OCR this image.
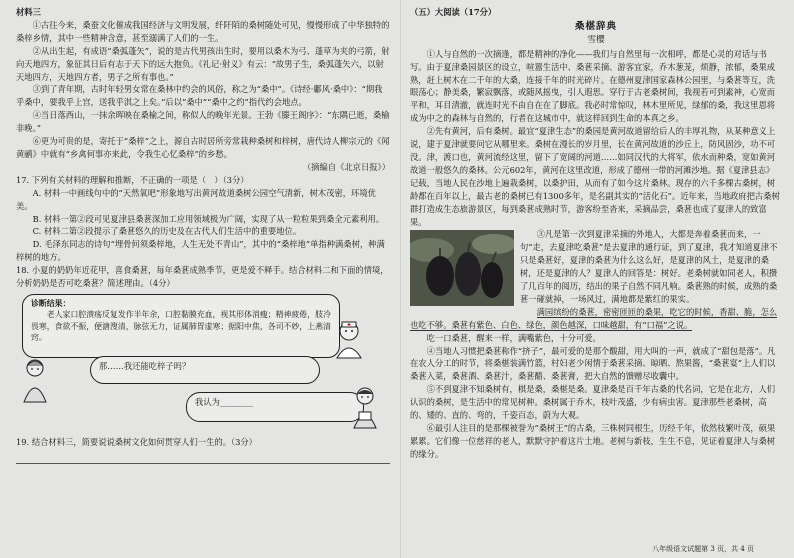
材料三

①古往今来，桑蚕文化催成我国经济与文明发展，纤阡陌的桑树随处可见，慢慢形成了中华独特的桑梓乡情，其中一些精神含意，甚至溺满了人们的一生。

②从出生起，有成语“桑弧蓬矢”，说的是古代男孩出生时，要用以桑木为弓、蓬草为夹的弓箭，射向天地四方，象征其日后有志于天下的远大抱负。《礼记·射义》有云：“故男子生，桑弧蓬矢六，以射天地四方，天地四方者，男子之所有事也。”

③到了青年期，古时年轻男女常在桑林中约会的风俗，称之为“桑中”。《诗经·鄘风·桑中》：“期我乎桑中，要我乎上宫，送我乎淇之上矣。”后以“桑中”“桑中之约”指代约会地点。

④当日落西山，一抹余晖映在桑榆之间，称似人的晚年光景。王勃《滕王阁序》：“东隅已逝，桑榆非晚。”

⑥更为可贵的是，寄托于“桑梓”之上，源自古时居所旁常栽种桑树和梓树，唐代诗人柳宗元的《闻黄鹂》中就有“乡禽何事亦来此，令我生心忆桑梓”的乡愁。

（摘编自《北京日报》）

17. 下列有关材料的理解和推断，不正确的一项是（　）（3分）

A. 材料一中画线句中的“天然氧吧”形象地写出黄河故道桑树公园空气清新，树木茂密，环境优美。

B. 材料一第②段可见夏津县桑葚深加工应用领域极为广阔，实现了从一粒粒果到桑全元素利用。

C. 材料二第②段提示了桑葚悠久的历史及在古代人们生活中的重要地位。

D. 毛泽东同志的诗句“埋骨何须桑梓地，人生无处不青山”，其中的“桑梓地”单指种满桑树，种满梓树的地方。

18. 小夏的奶奶年近花甲，喜食桑葚，每年桑葚成熟季节，更是爱不释手。结合材料二和下面的情境，分析奶奶是否可吃桑葚？简述理由。（4分）

诊断结果：

老人家口腔溃疡反复发作半年余，口腔黏膜充血，视其形体消瘦；精神疲倦，肢冷畏寒，食欲不振，便溏溲清，脉弦无力，证属肺胃虚寒；据阳中焦，各司不妙，上燕清窍。

那……我还能吃梓子吗？
我认为________

19. 结合材料三，简要说说桑树文化如何贯穿人们一生的。（3分）

（五）大阅读（17分）

桑椹辞典

雪樱

①人与自然的一次摘逢，都是精神的净化——我们与自然里每一次相呼，都是心灵的对话与书写。由于夏津桑园景区的设立，喧嚣生活中、桑葚采摘、游客宜家，乔木葱茏，烦静，浓郁，桑果成熟，赶上树木在二千年的大桑，连接千年的时光碎片。在德州夏津国家森林公园里，与桑葚等互，洗眼荡心；静美桑，繁寂飘落，或随风摇曳，引人遐思。穿行于古老桑树间，我视若可到素神，心宽而平和，耳目清澈，就连时光不由自在在了脚底。我必时常惊叹，林木里所见，绿郁的桑，我这里恩将成为中之的森林与自然的，行者在这城市中，就这样回到生命的本真之乡。

②先有黄河，后有桑树。最宜“夏津生态”的桑园是黄河故道留给后人的丰厚礼物，从某种意义上说，建于夏津就要问它从哪里来。桑树在漫长的岁月里，长在黄河故道的沙丘上，防风固沙，功不可没。津，渡口也，黄河流经这里，留下了宽阔的河道……如同汉代的大将军，依水而种桑，宽如黄河故道一般悠久的桑林。公元602年，黄河在这里改道，形成了德州一带的河滩沙地。据《夏津县志》记载，当地人民在沙地上遍栽桑树，以桑护田，从而有了如今这片桑林。现存的六千多棵古桑树，树龄都在百年以上，最古老的桑树已有1300多年，是名副其实的“活化石”。近年来，当地政府把古桑树群打造成生态旅游景区，每到桑葚成熟时节，游客纷至沓来，采摘品尝，桑葚也成了夏津人的致富果。

③凡是第一次到夏津采摘的外地人，大都是奔着桑葚而来，一句“走，去夏津吃桑葚”是去夏津的通行证，到了夏津，我才知道夏津不只是桑葚好，夏津的桑葚为什么这么好，是夏津的风土，是夏津的桑树，还是夏津的人？夏津人的回答是：树好。老桑树就如同老人，积攒了几百年的阅历，结出的果子自然不同凡响。桑葚熟的时候，成熟的桑葚一碰就掉，一场风过，满地都是紫红的果实。

满园缤纷的桑葚，密密匝匝的桑果，吃它的时候，香甜、脆，怎么也吃不够。桑葚有紫色、白色、绿色，颜色越深，口味越甜，有“口福”之说。

吃一口桑葚，醒来一样，满嘴紫色，十分可爱。

④当地人习惯把桑葚称作“挤子”，最可爱的是那个酸甜，用大叫的一声，就成了“甜包是落”。凡在农人分工的时节，将桑椹装满竹篮，村妇老少闲情于桑葚采摘、晾晒、熬果酱，“桑葚宴”上人们以桑葚入菜，桑葚酒、桑葚汁，桑葚醋、桑葚膏，把大自然的馈赠尽收囊中。

⑤不到夏津不知桑树有，棋是桑，桑椹是桑。夏津桑是百千年古桑的代名词，它是在北方，人们认识的桑树，是生活中的常见树种。桑树属于乔木，枝叶茂盛，少有病虫害。夏津那些老桑树，高的、矮的、直的、弯的，千姿百态，蔚为大观。

⑥最引人注目的是那棵被誉为“桑树王”的古桑，三株树同根生，历经千年，依然枝繁叶茂，硕果累累。它们像一位慈祥的老人，默默守护着这片土地。老树与新枝，生生不息，见证着夏津人与桑树的缘分。

八年级语文试题第 3 页，共 4 页
